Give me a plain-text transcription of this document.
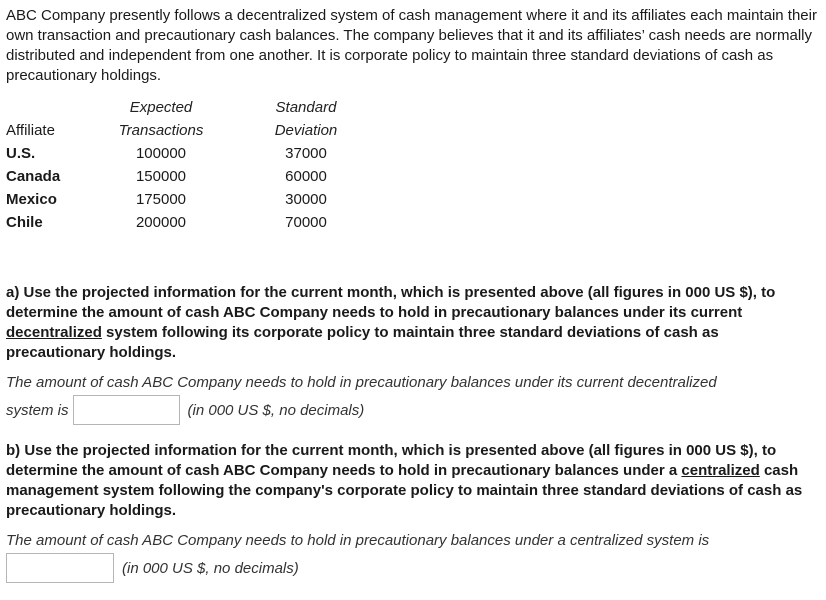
ABC Company presently follows a decentralized system of cash management where it and its affiliates each maintain their own transaction and precautionary cash balances. The company believes that it and its affiliates’ cash needs are normally distributed and independent from one another. It is corporate policy to maintain three standard deviations of cash as precautionary holdings.

	Expected	Standard
Affiliate	Transactions	Deviation
U.S.	100000	37000
Canada	150000	60000
Mexico	175000	30000
Chile	200000	70000

a) Use the projected information for the current month, which is presented above (all figures in 000 US $), to determine the amount of cash ABC Company needs to hold in precautionary balances under its current decentralized system following its corporate policy to maintain three standard deviations of cash as precautionary holdings.

The amount of cash ABC Company needs to hold in precautionary balances under its current decentralized

system is	(in 000 US $, no decimals)

b) Use the projected information for the current month, which is presented above (all figures in 000 US $), to determine the amount of cash ABC Company needs to hold in precautionary balances under a centralized cash management system following the company's corporate policy to maintain three standard deviations of cash as precautionary holdings.

The amount of cash ABC Company needs to hold in precautionary balances under a centralized system is

(in 000 US $, no decimals)
